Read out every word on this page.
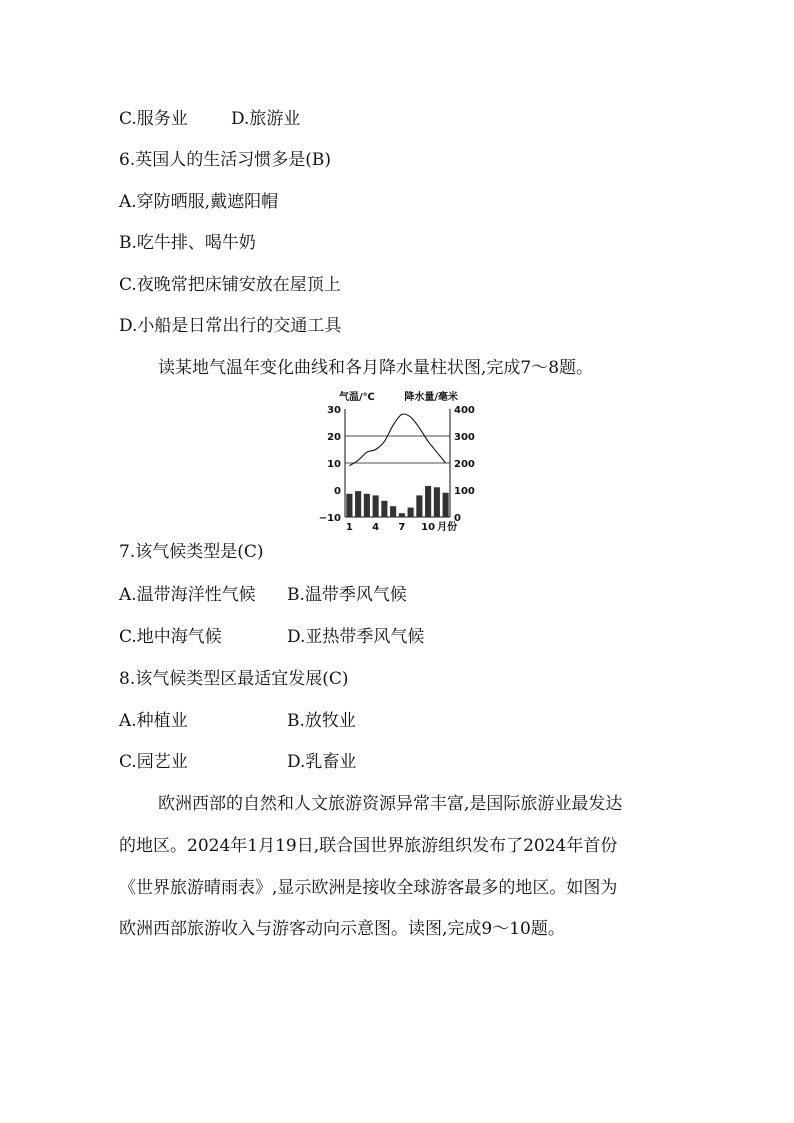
C.服务业	D.旅游业
6.英国人的生活习惯多是(B)
A.穿防晒服,戴遮阳帽
B.吃牛排、喝牛奶
C.夜晚常把床铺安放在屋顶上
D.小船是日常出行的交通工具
读某地气温年变化曲线和各月降水量柱状图,完成7～8题。
气温/℃	降水量/毫米
30
20
10
0
−10
400
300
200
100
0
1 4 7 10 月份
7.该气候类型是(C)
A.温带海洋性气候 B.温带季风气候
C.地中海气候	D.亚热带季风气候
8.该气候类型区最适宜发展(C)
A.种植业	B.放牧业
C.园艺业	D.乳畜业
欧洲西部的自然和人文旅游资源异常丰富,是国际旅游业最发达
的地区。2024年1月19日,联合国世界旅游组织发布了2024年首份
《世界旅游晴雨表》,显示欧洲是接收全球游客最多的地区。如图为
欧洲西部旅游收入与游客动向示意图。读图,完成9～10题。
